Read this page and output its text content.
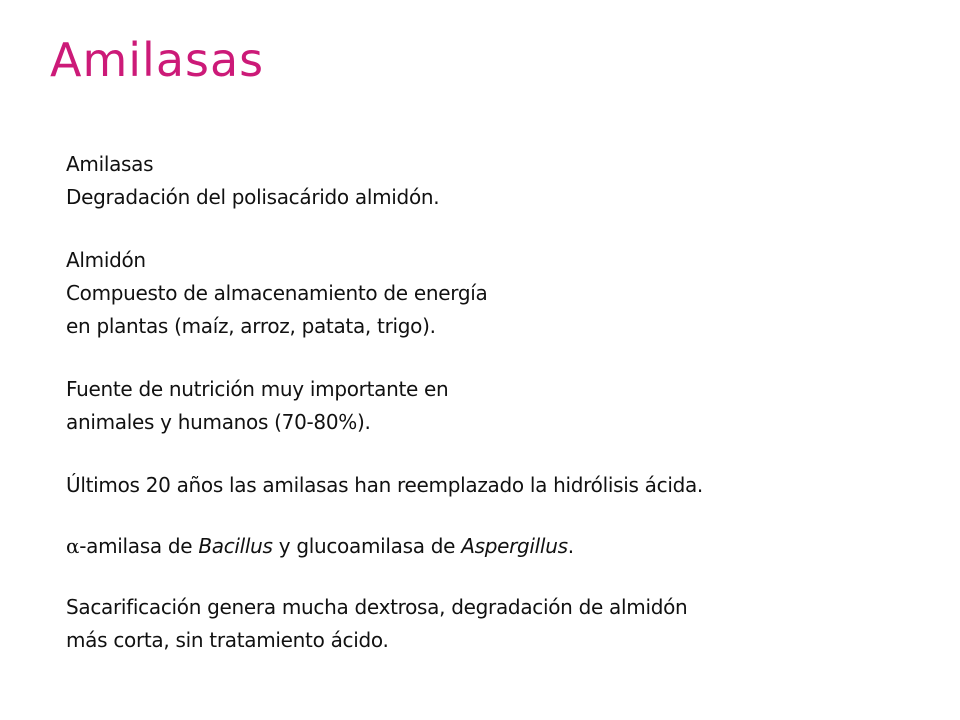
Amilasas
Amilasas
Degradación del polisacárido almidón.
Almidón
Compuesto de almacenamiento de energía
en plantas (maíz, arroz, patata, trigo).
Fuente de nutrición muy importante en
animales y humanos (70-80%).
Últimos 20 años las amilasas han reemplazado la hidrólisis ácida.
α-amilasa de Bacillus y glucoamilasa de Aspergillus.
Sacarificación genera mucha dextrosa, degradación de almidón
más corta, sin tratamiento ácido.
